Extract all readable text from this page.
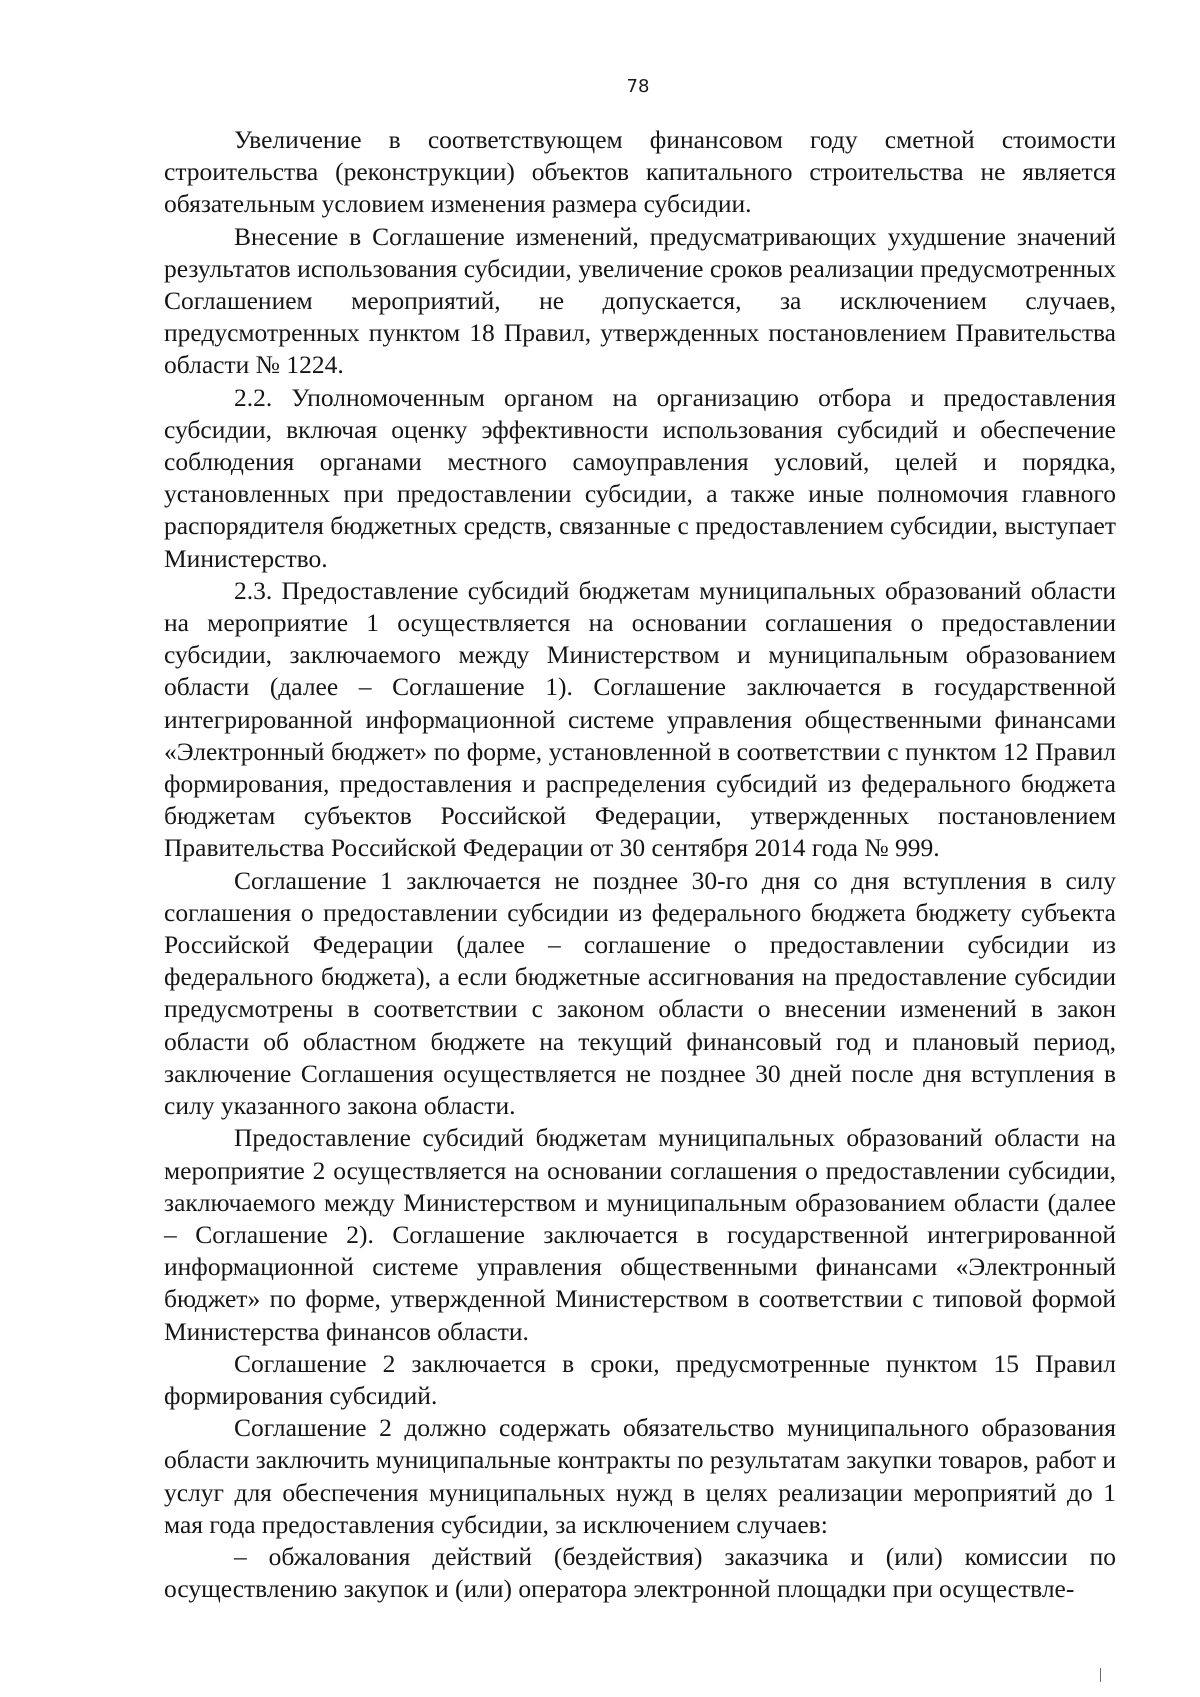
78

Увеличение в соответствующем финансовом году сметной стоимости строительства (реконструкции) объектов капитального строительства не является обязательным условием изменения размера субсидии.

Внесение в Соглашение изменений, предусматривающих ухудшение значений результатов использования субсидии, увеличение сроков реализации предусмотренных Соглашением мероприятий, не допускается, за исключением случаев, предусмотренных пунктом 18 Правил, утвержденных постановлением Правительства области № 1224.

2.2. Уполномоченным органом на организацию отбора и предоставления субсидии, включая оценку эффективности использования субсидий и обеспечение соблюдения органами местного самоуправления условий, целей и порядка, установленных при предоставлении субсидии, а также иные полномочия главного распорядителя бюджетных средств, связанные с предоставлением субсидии, выступает Министерство.

2.3. Предоставление субсидий бюджетам муниципальных образований области на мероприятие 1 осуществляется на основании соглашения о предоставлении субсидии, заключаемого между Министерством и муниципальным образованием области (далее – Соглашение 1). Соглашение заключается в государственной интегрированной информационной системе управления общественными финансами «Электронный бюджет» по форме, установленной в соответствии с пунктом 12 Правил формирования, предоставления и распределения субсидий из федерального бюджета бюджетам субъектов Российской Федерации, утвержденных постановлением Правительства Российской Федерации от 30 сентября 2014 года № 999.

Соглашение 1 заключается не позднее 30-го дня со дня вступления в силу соглашения о предоставлении субсидии из федерального бюджета бюджету субъекта Российской Федерации (далее – соглашение о предоставлении субсидии из федерального бюджета), а если бюджетные ассигнования на предоставление субсидии предусмотрены в соответствии с законом области о внесении изменений в закон области об областном бюджете на текущий финансовый год и плановый период, заключение Соглашения осуществляется не позднее 30 дней после дня вступления в силу указанного закона области.

Предоставление субсидий бюджетам муниципальных образований области на мероприятие 2 осуществляется на основании соглашения о предоставлении субсидии, заключаемого между Министерством и муниципальным образованием области (далее – Соглашение 2). Соглашение заключается в государственной интегрированной информационной системе управления общественными финансами «Электронный бюджет» по форме, утвержденной Министерством в соответствии с типовой формой Министерства финансов области.

Соглашение 2 заключается в сроки, предусмотренные пунктом 15 Правил формирования субсидий.

Соглашение 2 должно содержать обязательство муниципального образования области заключить муниципальные контракты по результатам закупки товаров, работ и услуг для обеспечения муниципальных нужд в целях реализации мероприятий до 1 мая года предоставления субсидии, за исключением случаев:

– обжалования действий (бездействия) заказчика и (или) комиссии по осуществлению закупок и (или) оператора электронной площадки при осуществле-
